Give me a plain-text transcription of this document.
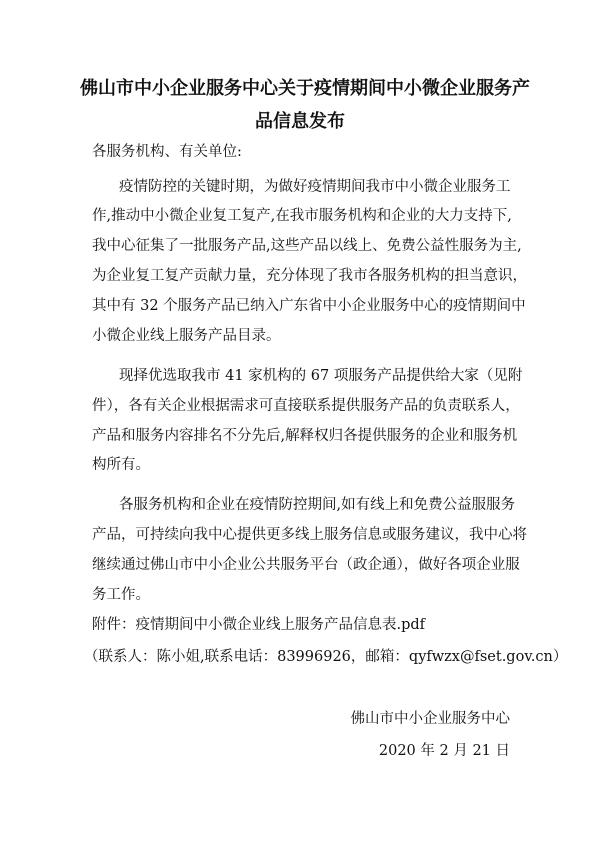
佛山市中小企业服务中心关于疫情期间中小微企业服务产
品信息发布
各服务机构、有关单位:
疫情防控的关键时期，为做好疫情期间我市中小微企业服务工
作,推动中小微企业复工复产,在我市服务机构和企业的大力支持下,
我中心征集了一批服务产品,这些产品以线上、免费公益性服务为主,
为企业复工复产贡献力量，充分体现了我市各服务机构的担当意识，
其中有 32 个服务产品已纳入广东省中小企业服务中心的疫情期间中
小微企业线上服务产品目录。
现择优选取我市 41 家机构的 67 项服务产品提供给大家（见附
件），各有关企业根据需求可直接联系提供服务产品的负责联系人，
产品和服务内容排名不分先后,解释权归各提供服务的企业和服务机
构所有。
各服务机构和企业在疫情防控期间,如有线上和免费公益服服务
产品，可持续向我中心提供更多线上服务信息或服务建议，我中心将
继续通过佛山市中小企业公共服务平台（政企通），做好各项企业服
务工作。
附件：疫情期间中小微企业线上服务产品信息表.pdf
（联系人：陈小姐,联系电话：83996926，邮箱：qyfwzx@fset.gov.cn）
佛山市中小企业服务中心
2020 年 2 月 21 日
